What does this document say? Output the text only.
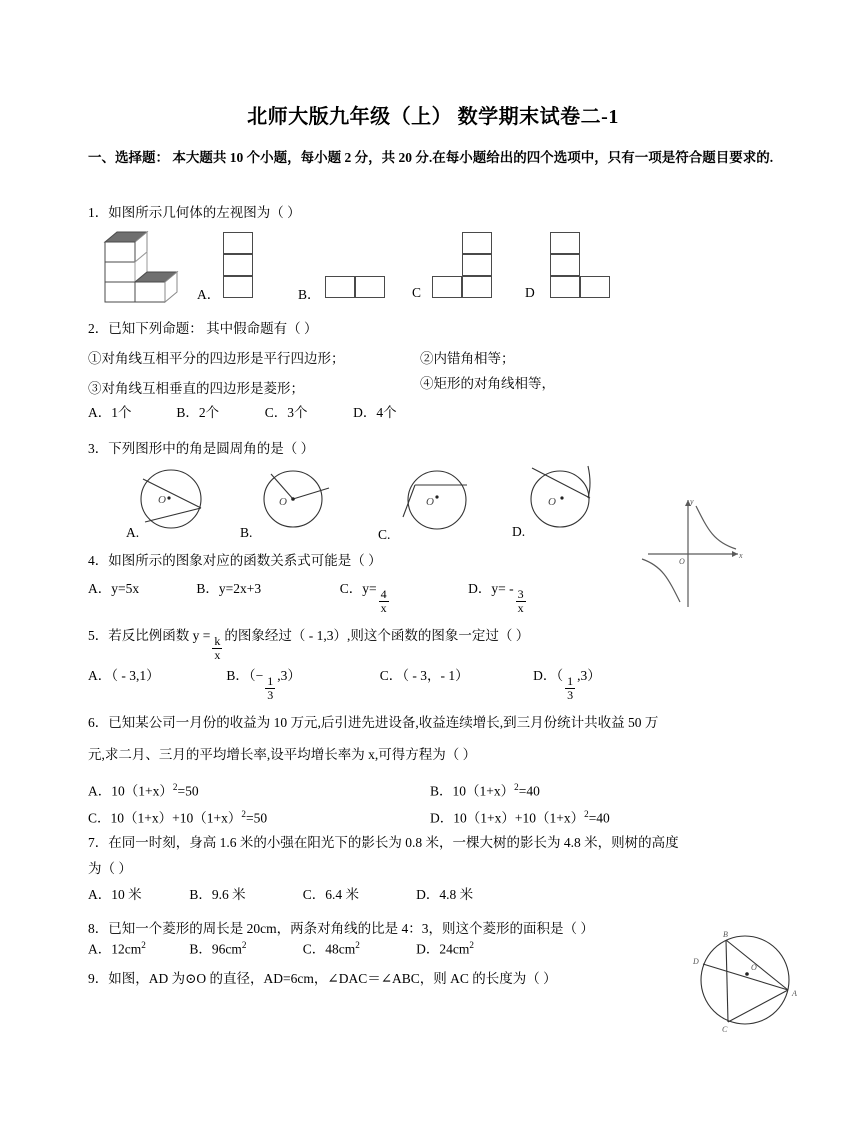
北师大版九年级（上） 数学期末试卷二-1
一、选择题： 本大题共 10 个小题，每小题 2 分，共 20 分.在每小题给出的四个选项中，只有一项是符合题目要求的.
1．如图所示几何体的左视图为（ ）
A．	B．	C	D
2．已知下列命题： 其中假命题有（ ）
①对角线互相平分的四边形是平行四边形；	②内错角相等；
③对角线互相垂直的四边形是菱形；	④矩形的对角线相等，
A．1个	B．2个	C．3个	D．4个
3．下列图形中的角是圆周角的是（ ）
O
A.
O
B.
O
C.
O
D.
4．如图所示的图象对应的函数关系式可能是（ ）
y
x
O
A．y=5x	B．y=2x+3	C．$y= \frac{4}{x}$	D．$y= - \frac{3}{x}$
5．若反比例函数 $y = \frac{k}{x}$ 的图象经过（ - 1,3）,则这个函数的图象一定过（ ）
A．（ - 3,1）	B．（− $\frac{1}{3} ,3$）	C．（ - 3，- 1）	D．（ $\frac{1}{3} ,3$）
6．已知某公司一月份的收益为 10 万元,后引进先进设备,收益连续增长,到三月份统计共收益 50 万
元,求二月、三月的平均增长率,设平均增长率为 x,可得方程为（ ）
A．$10(1+x)^2=50$	B．$10(1+x)^2=40$
C．$10(1+x)+10(1+x)^2=50$	D．$10(1+x)+10(1+x)^2=40$
7．在同一时刻，身高 1.6 米的小强在阳光下的影长为 0.8 米，一棵大树的影长为 4.8 米，则树的高度
为（ ）
A．10 米	B．9.6 米	C．6.4 米	D．4.8 米
8．已知一个菱形的周长是 20cm，两条对角线的比是 4：3，则这个菱形的面积是（ ）
A．$12cm^2$	B．$96cm^2$	C．$48cm^2$	D．$24cm^2$
B
D
A
C
O
9．如图，AD 为⊙O 的直径，AD=6cm，∠DAC＝∠ABC，则 AC 的长度为（ ）
